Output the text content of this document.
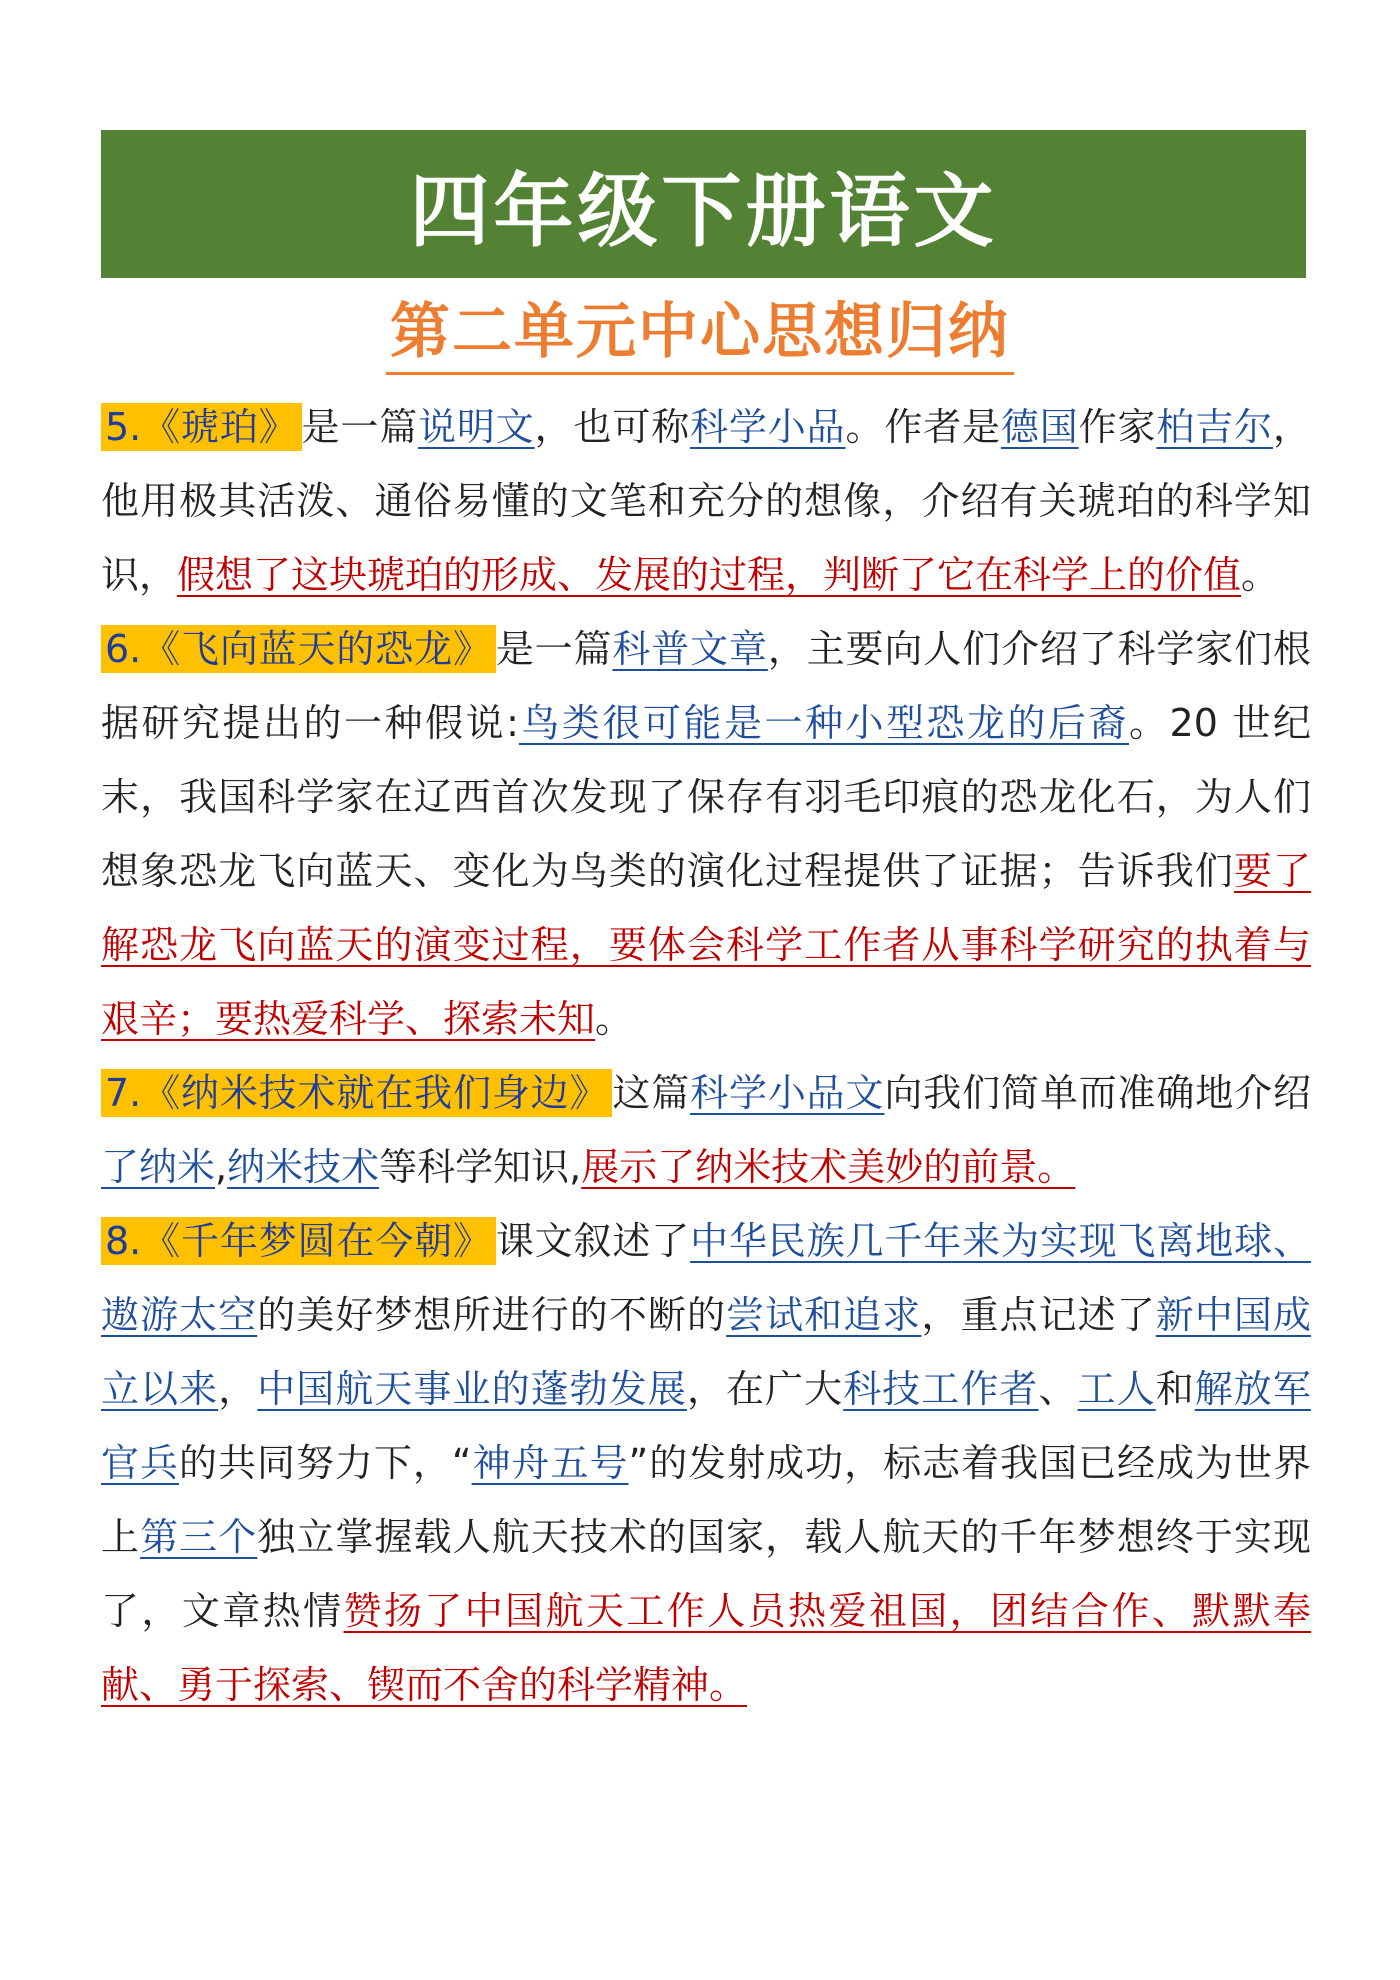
四年级下册语文
第二单元中心思想归纳

5.《琥珀》 是一篇说明文，也可称科学小品。作者是德国作家柏吉尔，他用极其活泼、通俗易懂的文笔和充分的想像，介绍有关琥珀的科学知识，假想了这块琥珀的形成、发展的过程，判断了它在科学上的价值。

6.《飞向蓝天的恐龙》 是一篇科普文章，主要向人们介绍了科学家们根据研究提出的一种假说:鸟类很可能是一种小型恐龙的后裔。20 世纪末，我国科学家在辽西首次发现了保存有羽毛印痕的恐龙化石，为人们想象恐龙飞向蓝天、变化为鸟类的演化过程提供了证据；告诉我们要了解恐龙飞向蓝天的演变过程，要体会科学工作者从事科学研究的执着与艰辛；要热爱科学、探索未知。

7.《纳米技术就在我们身边》 这篇科学小品文向我们简单而准确地介绍了纳米,纳米技术等科学知识,展示了纳米技术美妙的前景。

8.《千年梦圆在今朝》 课文叙述了中华民族几千年来为实现飞离地球、遨游太空的美好梦想所进行的不断的尝试和追求，重点记述了新中国成立以来，中国航天事业的蓬勃发展，在广大科技工作者、工人和解放军官兵的共同努力下，“神舟五号”的发射成功，标志着我国已经成为世界上第三个独立掌握载人航天技术的国家，载人航天的千年梦想终于实现了，文章热情赞扬了中国航天工作人员热爱祖国，团结合作、默默奉献、勇于探索、锲而不舍的科学精神。
